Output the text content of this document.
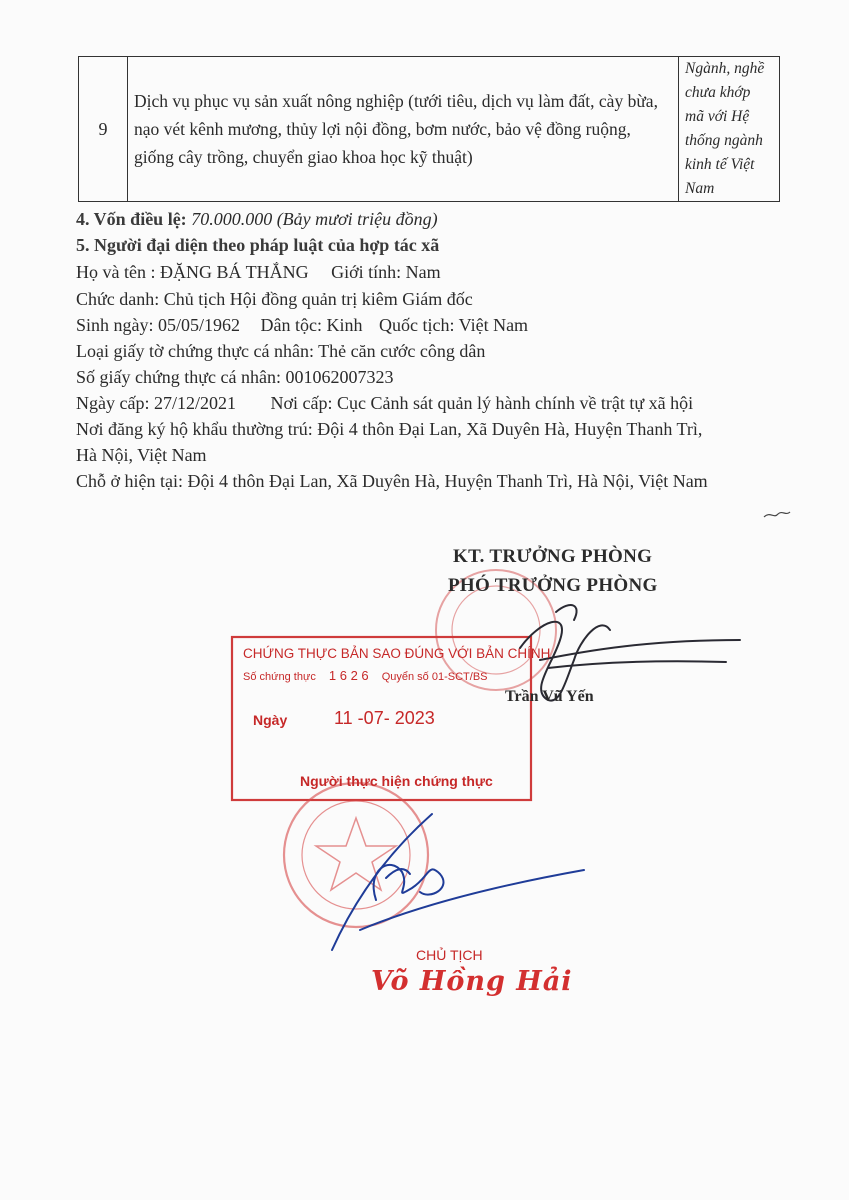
9	Dịch vụ phục vụ sản xuất nông nghiệp (tưới tiêu, dịch vụ làm đất, cày bừa, nạo vét kênh mương, thủy lợi nội đồng, bơm nước, bảo vệ đồng ruộng, giống cây trồng, chuyển giao khoa học kỹ thuật)	Ngành, nghề chưa khớp mã với Hệ thống ngành kinh tế Việt Nam
4. Vốn điều lệ: 70.000.000 (Bảy mươi triệu đồng)
5. Người đại diện theo pháp luật của hợp tác xã
Họ và tên : ĐẶNG BÁ THẮNG Giới tính: Nam
Chức danh: Chủ tịch Hội đồng quản trị kiêm Giám đốc
Sinh ngày: 05/05/1962 Dân tộc: Kinh Quốc tịch: Việt Nam
Loại giấy tờ chứng thực cá nhân: Thẻ căn cước công dân
Số giấy chứng thực cá nhân: 001062007323
Ngày cấp: 27/12/2021 Nơi cấp: Cục Cảnh sát quản lý hành chính về trật tự xã hội
Nơi đăng ký hộ khẩu thường trú: Đội 4 thôn Đại Lan, Xã Duyên Hà, Huyện Thanh Trì,
Hà Nội, Việt Nam
Chỗ ở hiện tại: Đội 4 thôn Đại Lan, Xã Duyên Hà, Huyện Thanh Trì, Hà Nội, Việt Nam
KT. TRƯỞNG PHÒNG
PHÓ TRƯỞNG PHÒNG
Trần Vũ Yến
CHỨNG THỰC BẢN SAO ĐÚNG VỚI BẢN CHÍNH
Số chứng thực 1 6 2 6 Quyển số 01-SCT/BS
Ngày	11 -07- 2023
Người thực hiện chứng thực
CHỦ TỊCH
Võ Hồng Hải
